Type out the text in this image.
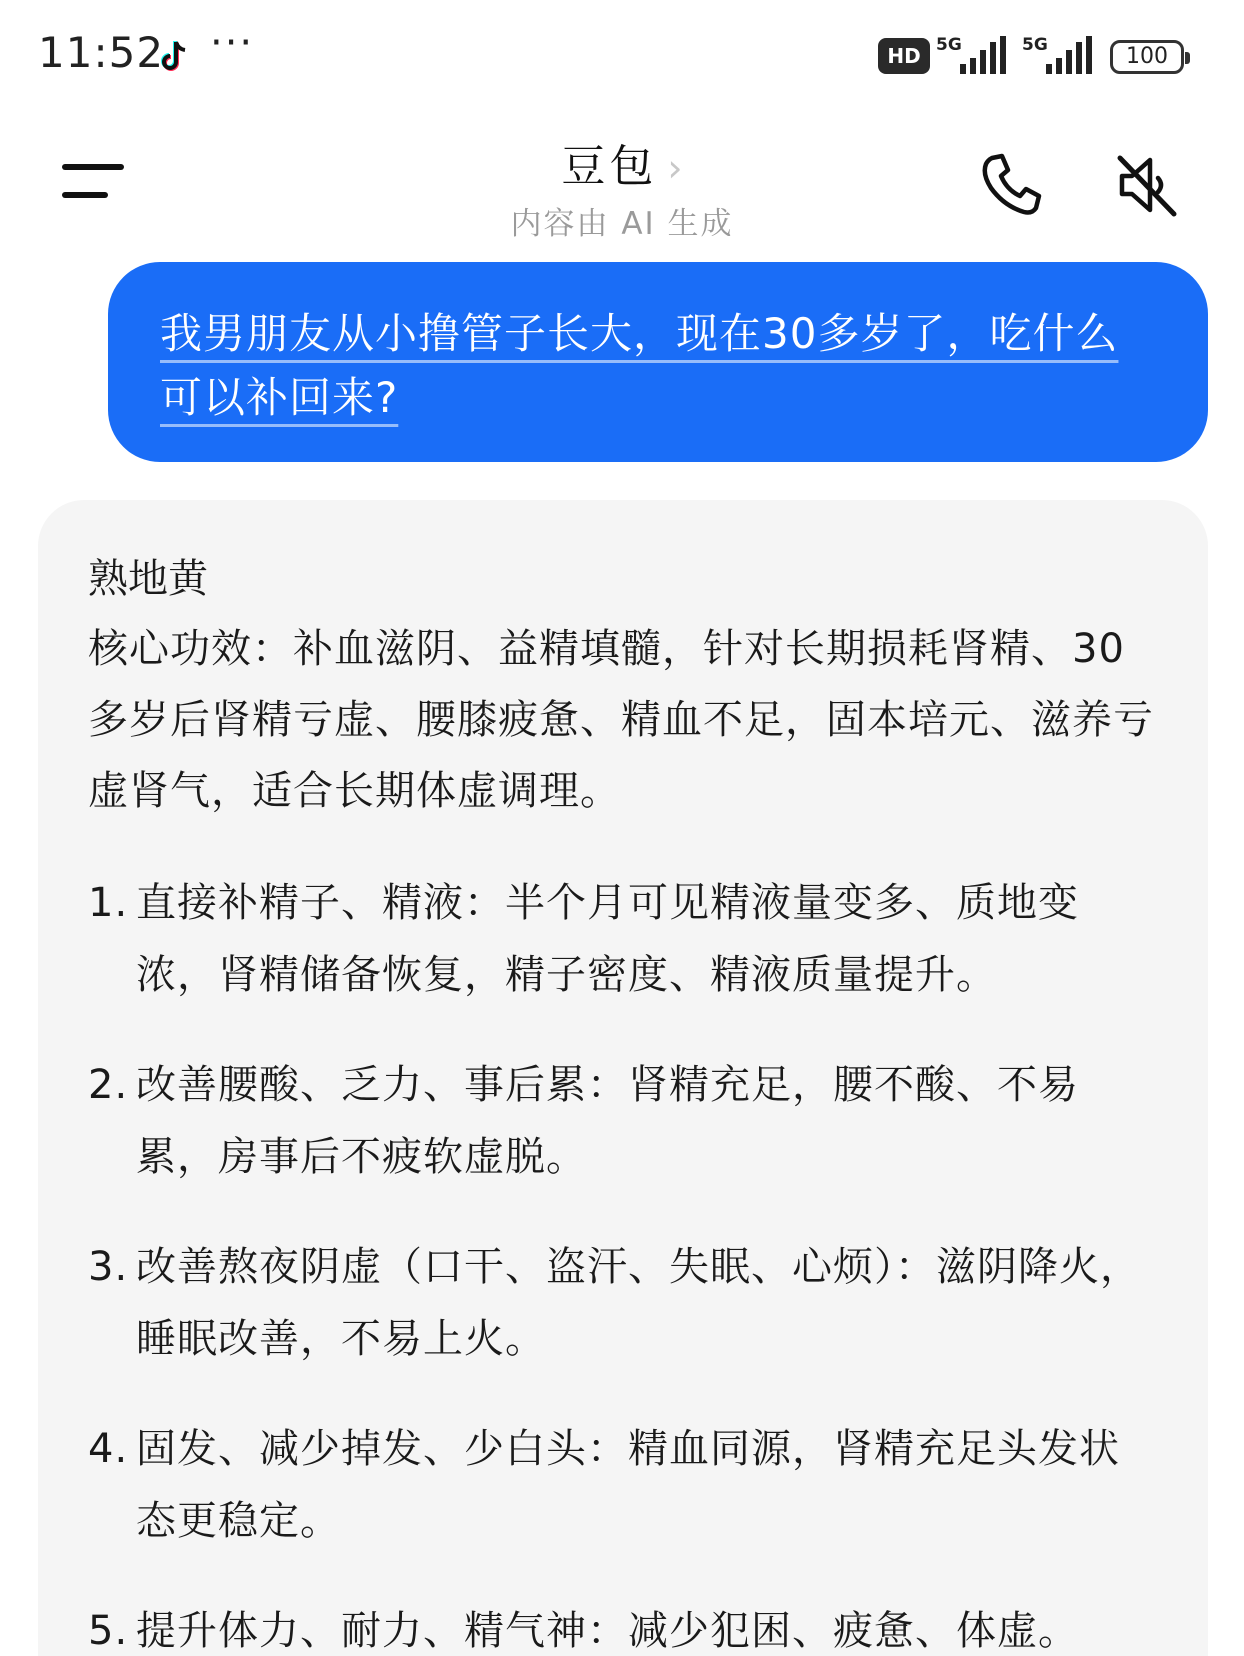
11:52 ···	HD 5G	5G	100
豆包 ›
内容由 AI 生成
我男朋友从小撸管子长大，现在30多岁了，吃什么可以补回来?
熟地黄
核心功效：补血滋阴、益精填髓，针对长期损耗肾精、30多岁后肾精亏虚、腰膝疲惫、精血不足，固本培元、滋养亏虚肾气，适合长期体虚调理。
1. 直接补精子、精液：半个月可见精液量变多、质地变浓，肾精储备恢复，精子密度、精液质量提升。
2. 改善腰酸、乏力、事后累：肾精充足，腰不酸、不易累，房事后不疲软虚脱。
3. 改善熬夜阴虚（口干、盗汗、失眠、心烦）：滋阴降火，睡眠改善，不易上火。
4. 固发、减少掉发、少白头：精血同源，肾精充足头发状态更稳定。
5. 提升体力、耐力、精气神：减少犯困、疲惫、体虚。
